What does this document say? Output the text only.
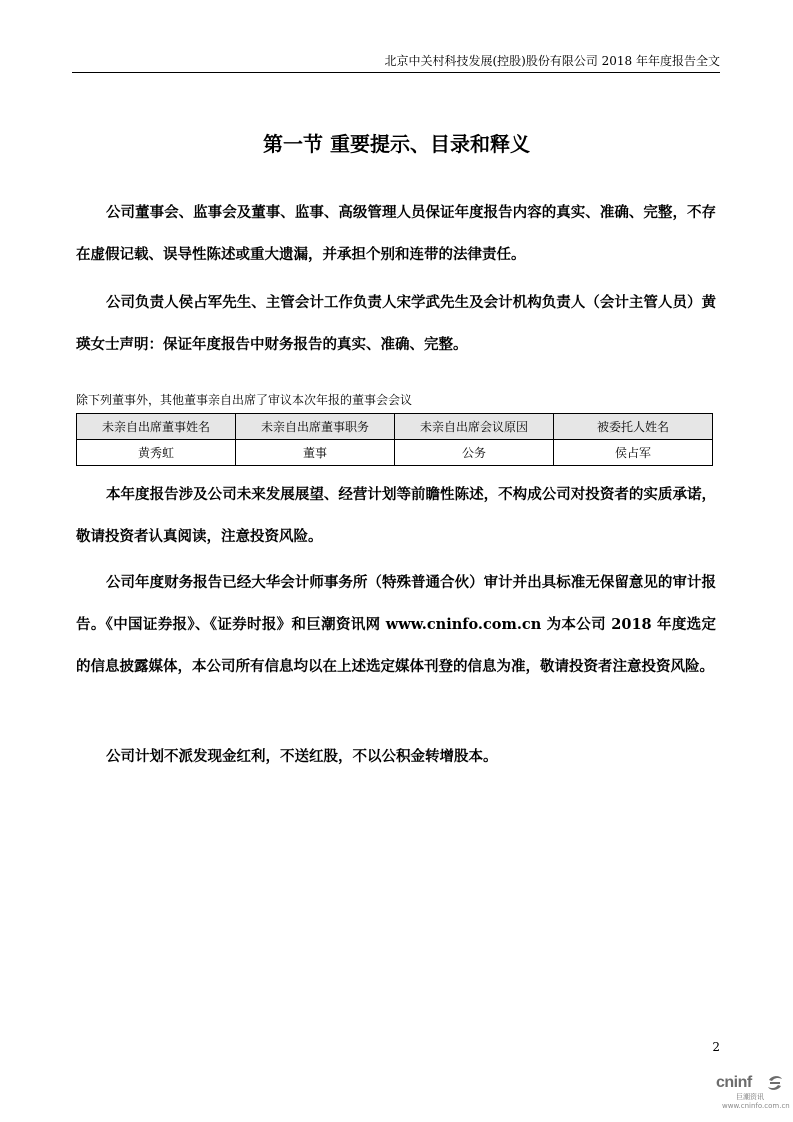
北京中关村科技发展(控股)股份有限公司 2018 年年度报告全文
第一节 重要提示、目录和释义

公司董事会、监事会及董事、监事、高级管理人员保证年度报告内容的真实、准确、完整，不存在虚假记载、误导性陈述或重大遗漏，并承担个别和连带的法律责任。

公司负责人侯占军先生、主管会计工作负责人宋学武先生及会计机构负责人（会计主管人员）黄瑛女士声明：保证年度报告中财务报告的真实、准确、完整。

除下列董事外，其他董事亲自出席了审议本次年报的董事会会议

未亲自出席董事姓名	未亲自出席董事职务	未亲自出席会议原因	被委托人姓名
黄秀虹	董事	公务	侯占军

本年度报告涉及公司未来发展展望、经营计划等前瞻性陈述，不构成公司对投资者的实质承诺，敬请投资者认真阅读，注意投资风险。

公司年度财务报告已经大华会计师事务所（特殊普通合伙）审计并出具标准无保留意见的审计报告。《中国证券报》、《证券时报》和巨潮资讯网 www.cninfo.com.cn 为本公司 2018 年度选定的信息披露媒体，本公司所有信息均以在上述选定媒体刊登的信息为准，敬请投资者注意投资风险。

公司计划不派发现金红利，不送红股，不以公积金转增股本。

2
cninf
巨潮资讯
www.cninfo.com.cn
